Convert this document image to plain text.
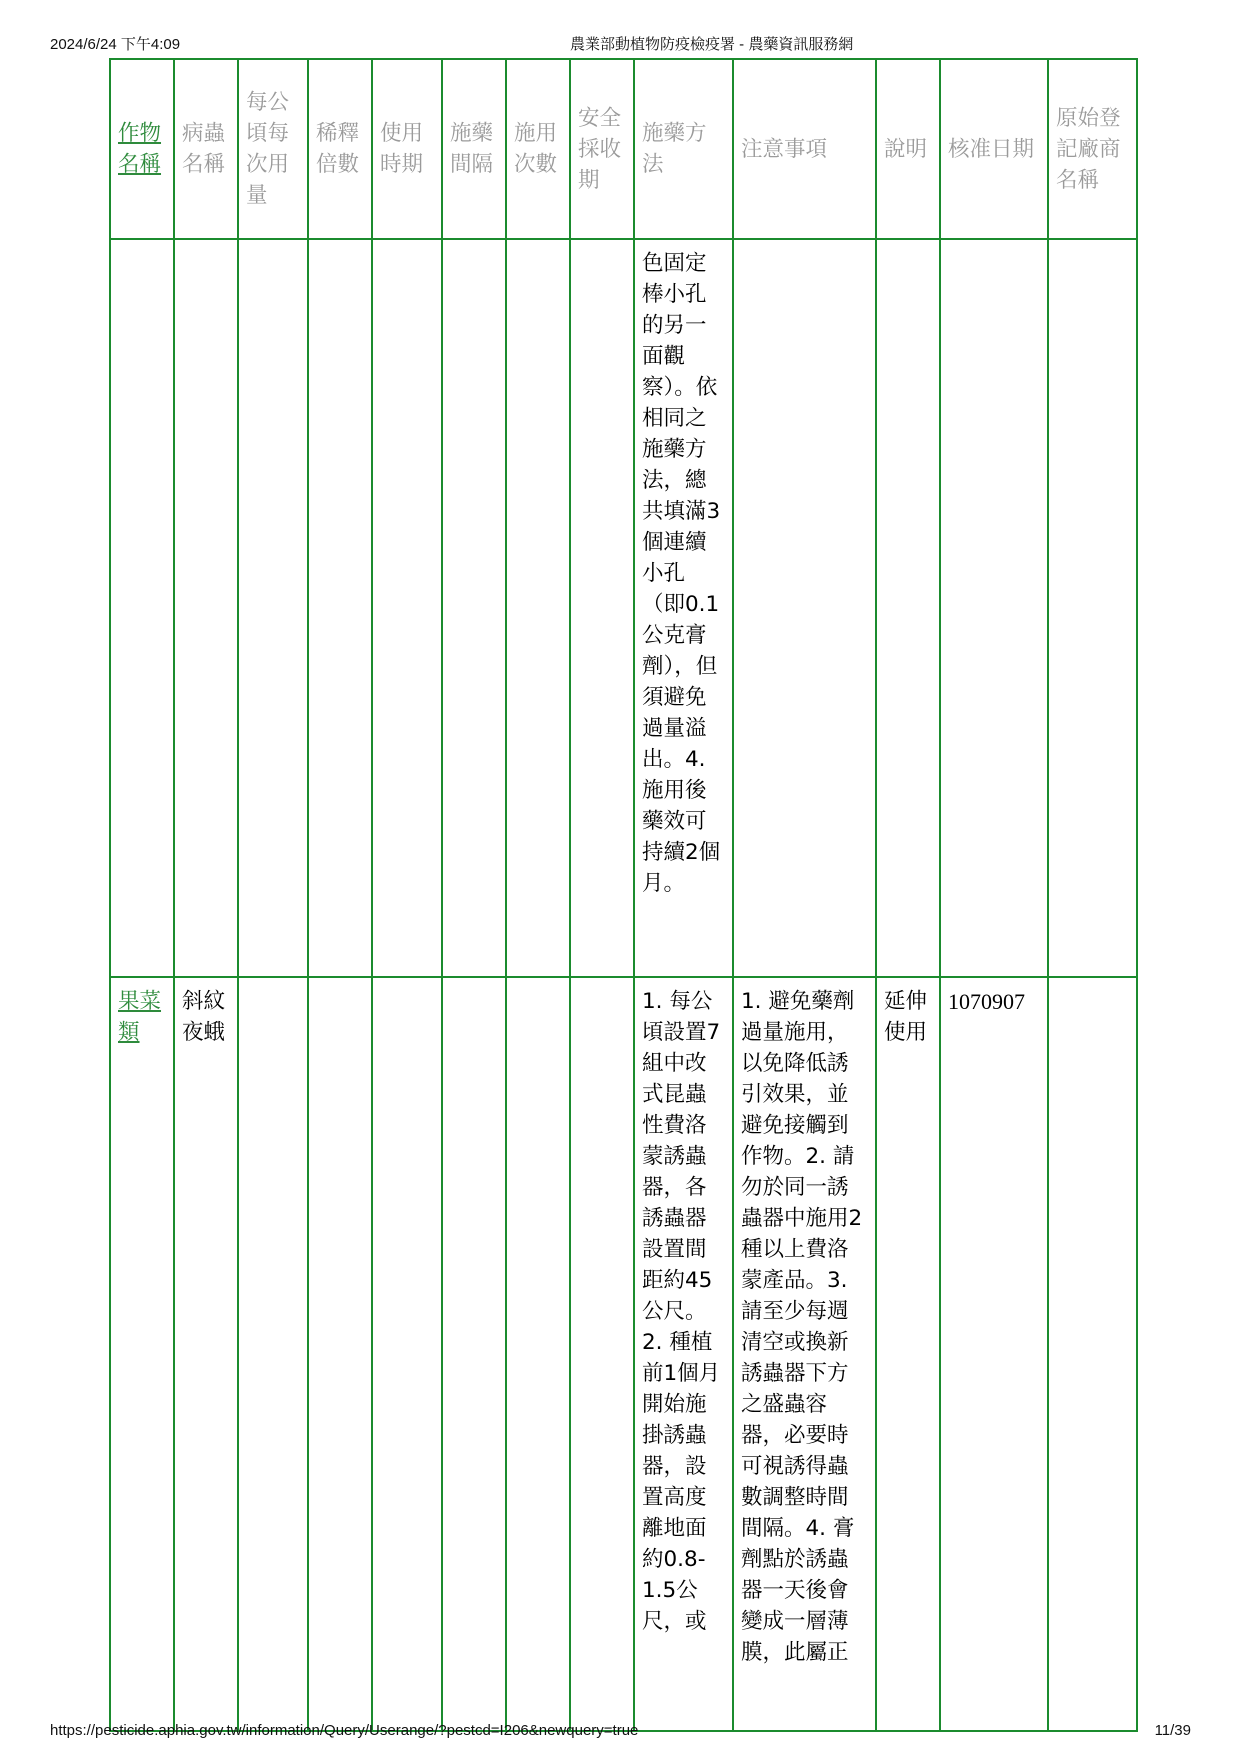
2024/6/24 下午4:09	農業部動植物防疫檢疫署 - 農藥資訊服務網
作物名稱	病蟲名稱	每公頃每次用量	稀釋倍數	使用時期	施藥間隔	施用次數	安全採收期	施藥方法	注意事項	說明	核准日期	原始登記廠商名稱
								色固定棒小孔的另一面觀察）。依相同之施藥方法，總共填滿3個連續小孔（即0.1公克膏劑），但須避免過量溢出。4. 施用後藥效可持續2個月。				
果菜類	斜紋夜蛾							1. 每公頃設置7組中改式昆蟲性費洛蒙誘蟲器，各誘蟲器設置間距約45公尺。2. 種植前1個月開始施掛誘蟲器，設置高度離地面約0.8-1.5公尺，或	1. 避免藥劑過量施用，以免降低誘引效果，並避免接觸到作物。2. 請勿於同一誘蟲器中施用2種以上費洛蒙產品。3. 請至少每週清空或換新誘蟲器下方之盛蟲容器，必要時可視誘得蟲數調整時間間隔。4. 膏劑點於誘蟲器一天後會變成一層薄膜，此屬正	延伸使用	1070907	
https://pesticide.aphia.gov.tw/information/Query/Userange/?pestcd=I206&newquery=true	11/39
